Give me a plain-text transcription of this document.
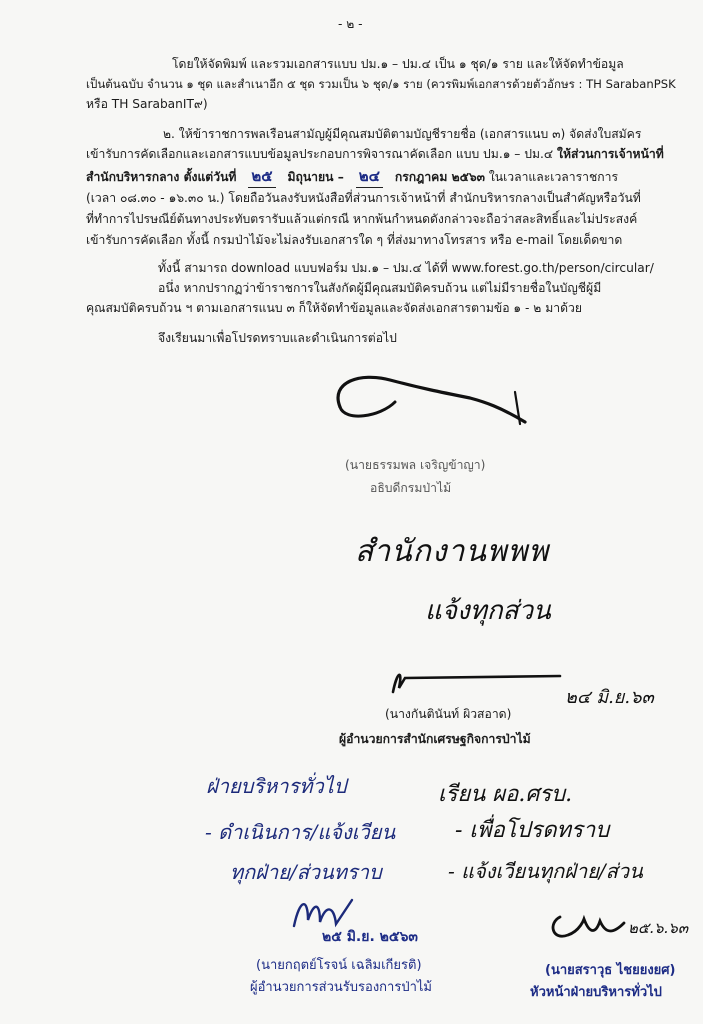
- ๒ -
โดยให้จัดพิมพ์ และรวมเอกสารแบบ ปม.๑ – ปม.๔ เป็น ๑ ชุด/๑ ราย และให้จัดทำข้อมูล
เป็นต้นฉบับ จำนวน ๑ ชุด และสำเนาอีก ๕ ชุด รวมเป็น ๖ ชุด/๑ ราย (ควรพิมพ์เอกสารด้วยตัวอักษร : TH SarabanPSK
หรือ TH SarabanIT๙)
๒. ให้ข้าราชการพลเรือนสามัญผู้มีคุณสมบัติตามบัญชีรายชื่อ (เอกสารแนบ ๓) จัดส่งใบสมัคร
เข้ารับการคัดเลือกและเอกสารแบบข้อมูลประกอบการพิจารณาคัดเลือก แบบ ปม.๑ – ปม.๔ ให้ส่วนการเจ้าหน้าที่
สำนักบริหารกลาง ตั้งแต่วันที่ ๒๕ มิถุนายน – ๒๔ กรกฎาคม ๒๕๖๓ ในเวลาและเวลาราชการ
(เวลา ๐๘.๓๐ - ๑๖.๓๐ น.) โดยถือวันลงรับหนังสือที่ส่วนการเจ้าหน้าที่ สำนักบริหารกลางเป็นสำคัญหรือวันที่
ที่ทำการไปรษณีย์ต้นทางประทับตรารับแล้วแต่กรณี หากพ้นกำหนดดังกล่าวจะถือว่าสละสิทธิ์และไม่ประสงค์
เข้ารับการคัดเลือก ทั้งนี้ กรมป่าไม้จะไม่ลงรับเอกสารใด ๆ ที่ส่งมาทางโทรสาร หรือ e-mail โดยเด็ดขาด
ทั้งนี้ สามารถ download แบบฟอร์ม ปม.๑ – ปม.๔ ได้ที่ www.forest.go.th/person/circular/
อนึ่ง หากปรากฏว่าข้าราชการในสังกัดผู้มีคุณสมบัติครบถ้วน แต่ไม่มีรายชื่อในบัญชีผู้มี
คุณสมบัติครบถ้วน ฯ ตามเอกสารแนบ ๓ ก็ให้จัดทำข้อมูลและจัดส่งเอกสารตามข้อ ๑ - ๒ มาด้วย
จึงเรียนมาเพื่อโปรดทราบและดำเนินการต่อไป
(นายธรรมพล เจริญข้าญา)
อธิบดีกรมป่าไม้
สำนักงานพพพ
แจ้งทุกส่วน
๒๔ มิ.ย.๖๓
(นางกันตินันท์ ผิวสอาด)
ผู้อำนวยการสำนักเศรษฐกิจการป่าไม้
ฝ่ายบริหารทั่วไป
- ดำเนินการ/แจ้งเวียน
ทุกฝ่าย/ส่วนทราบ
เรียน ผอ.ศรบ.
- เพื่อโปรดทราบ
- แจ้งเวียนทุกฝ่าย/ส่วน
๒๕ มิ.ย. ๒๕๖๓
(นายกฤตย์โรจน์ เฉลิมเกียรติ)
ผู้อำนวยการส่วนรับรองการป่าไม้
๒๕.๖.๖๓
(นายสราวุธ ไชยยงยศ)
หัวหน้าฝ่ายบริหารทั่วไป
